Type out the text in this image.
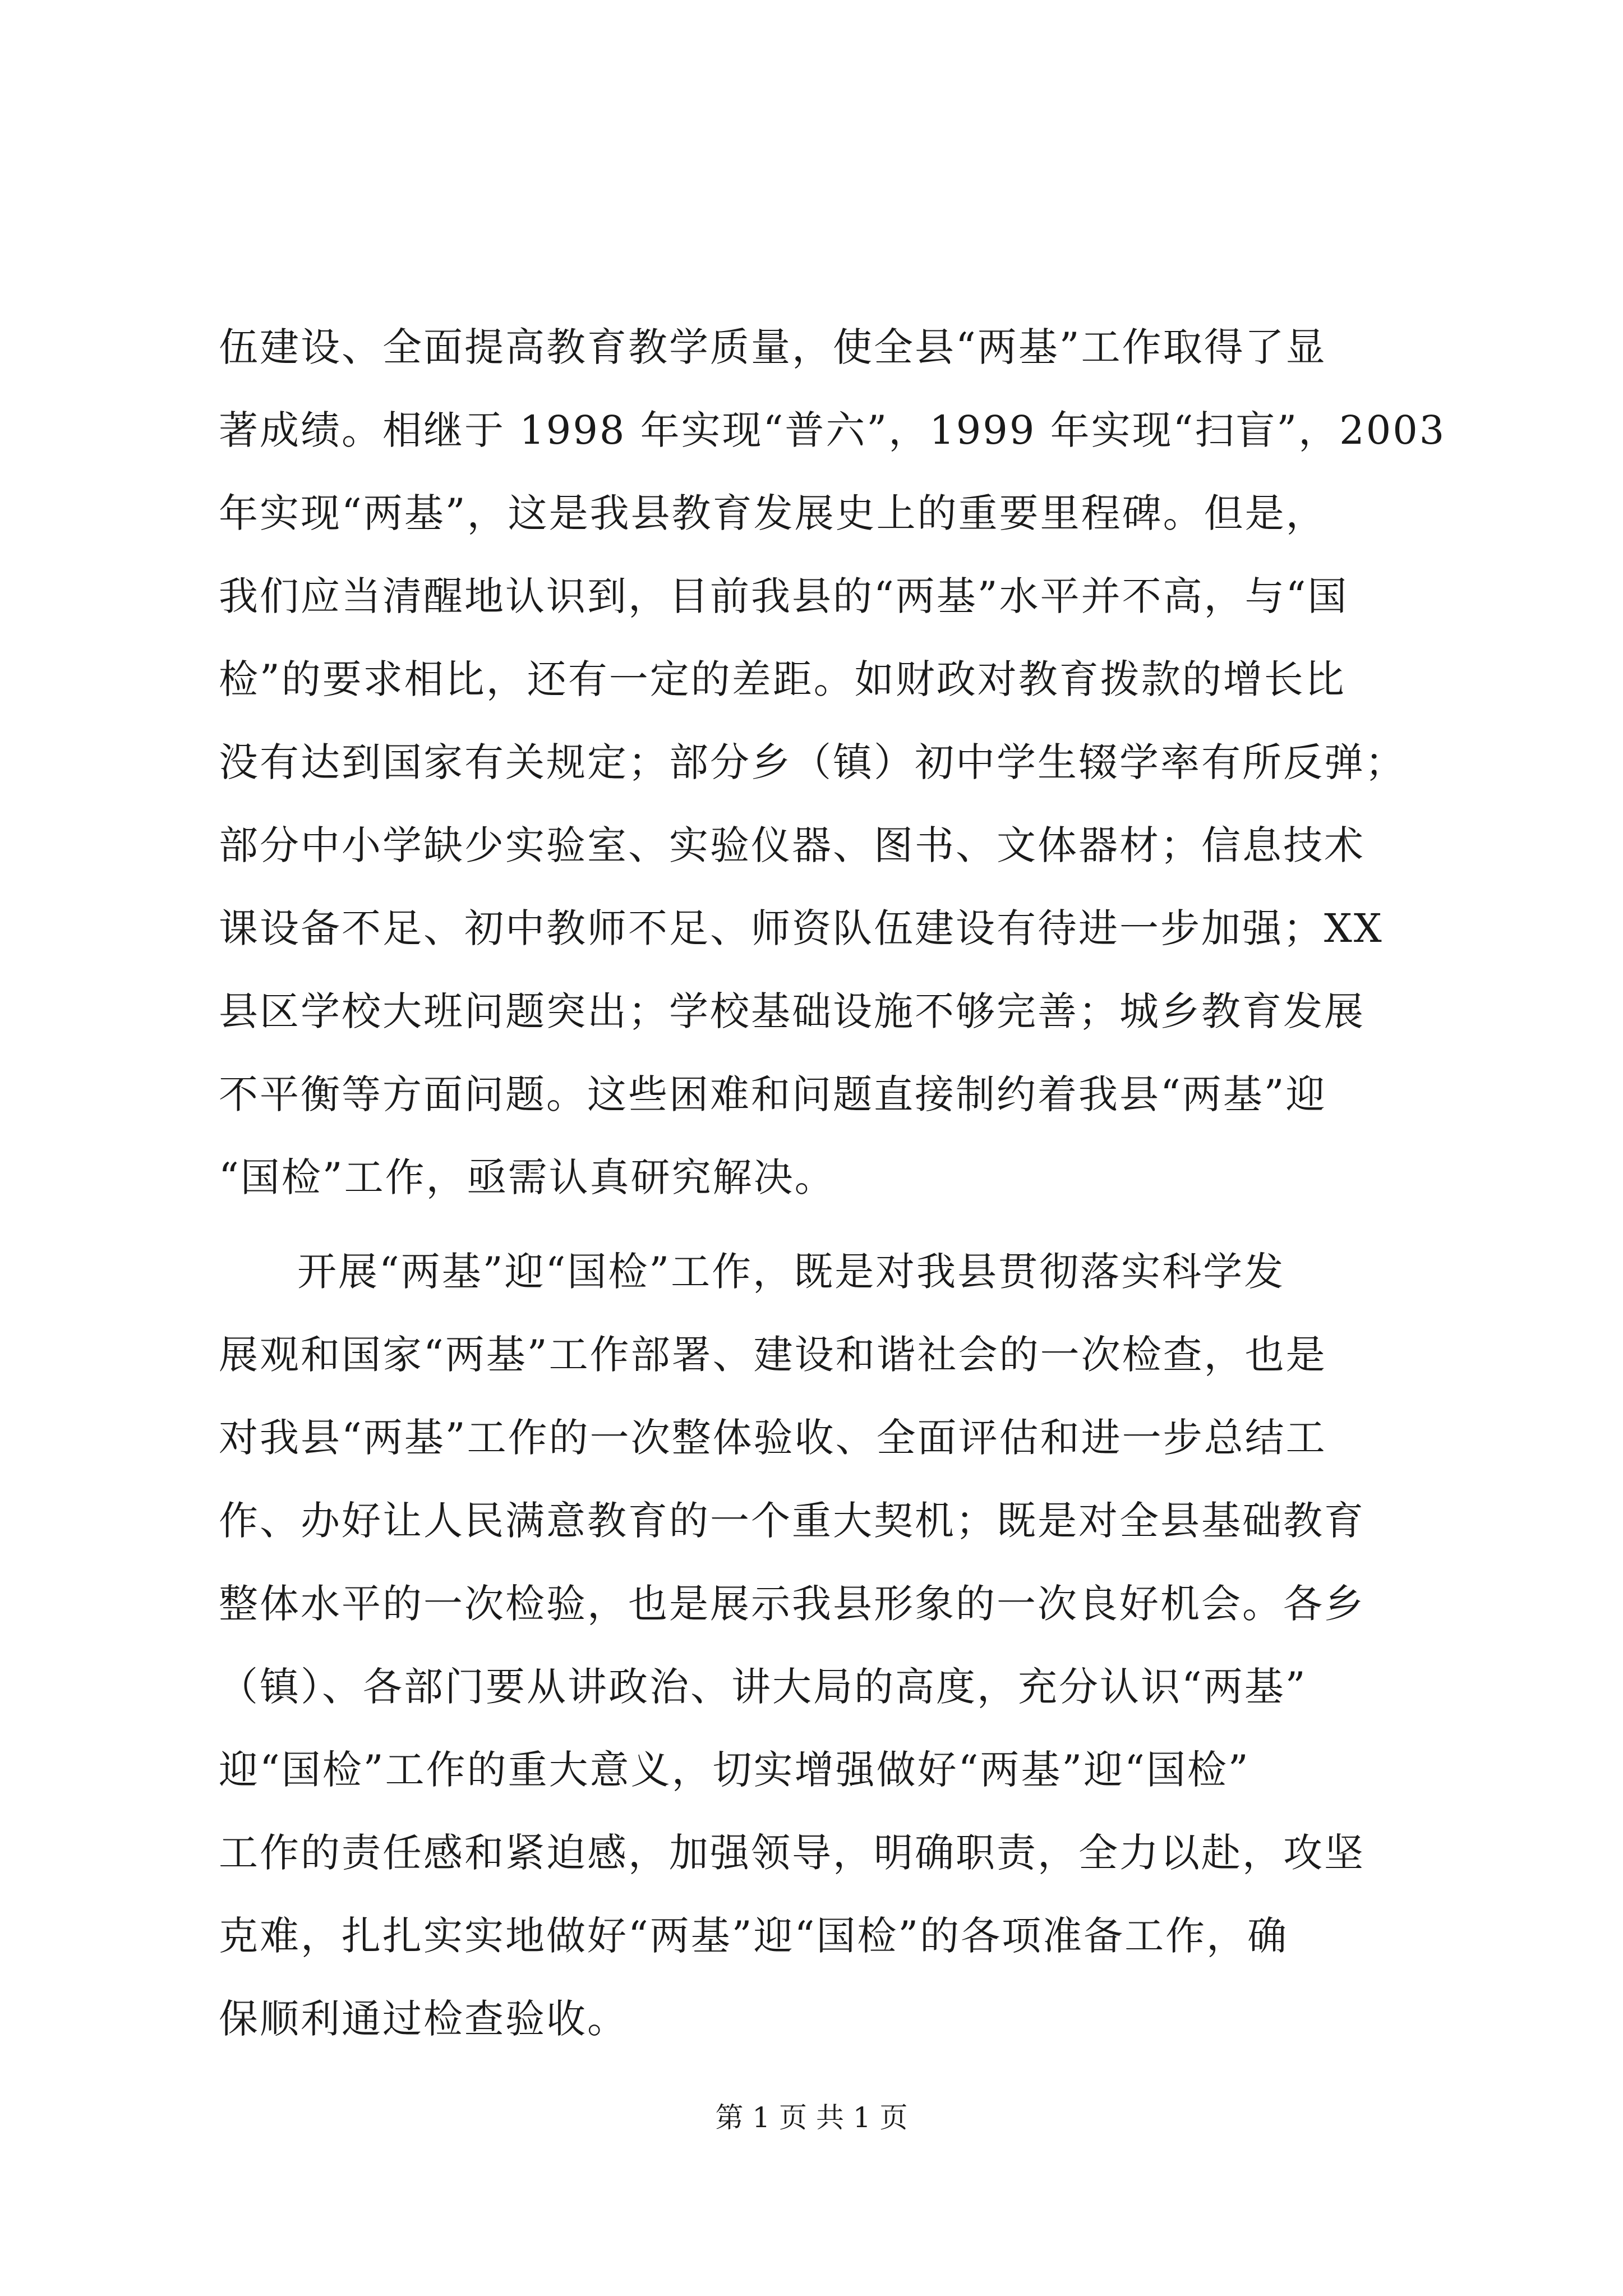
伍建设、全面提高教育教学质量，使全县“两基”工作取得了显
著成绩。相继于 1998 年实现“普六”，1999 年实现“扫盲”，2003
年实现“两基”，这是我县教育发展史上的重要里程碑。但是，
我们应当清醒地认识到，目前我县的“两基”水平并不高，与“国
检”的要求相比，还有一定的差距。如财政对教育拨款的增长比
没有达到国家有关规定；部分乡（镇）初中学生辍学率有所反弹；
部分中小学缺少实验室、实验仪器、图书、文体器材；信息技术
课设备不足、初中教师不足、师资队伍建设有待进一步加强；XX
县区学校大班问题突出；学校基础设施不够完善；城乡教育发展
不平衡等方面问题。这些困难和问题直接制约着我县“两基”迎
“国检”工作，亟需认真研究解决。
开展“两基”迎“国检”工作，既是对我县贯彻落实科学发
展观和国家“两基”工作部署、建设和谐社会的一次检查，也是
对我县“两基”工作的一次整体验收、全面评估和进一步总结工
作、办好让人民满意教育的一个重大契机；既是对全县基础教育
整体水平的一次检验，也是展示我县形象的一次良好机会。各乡
（镇）、各部门要从讲政治、讲大局的高度，充分认识“两基”
迎“国检”工作的重大意义，切实增强做好“两基”迎“国检”
工作的责任感和紧迫感，加强领导，明确职责，全力以赴，攻坚
克难，扎扎实实地做好“两基”迎“国检”的各项准备工作，确
保顺利通过检查验收。
第 1 页 共 1 页
